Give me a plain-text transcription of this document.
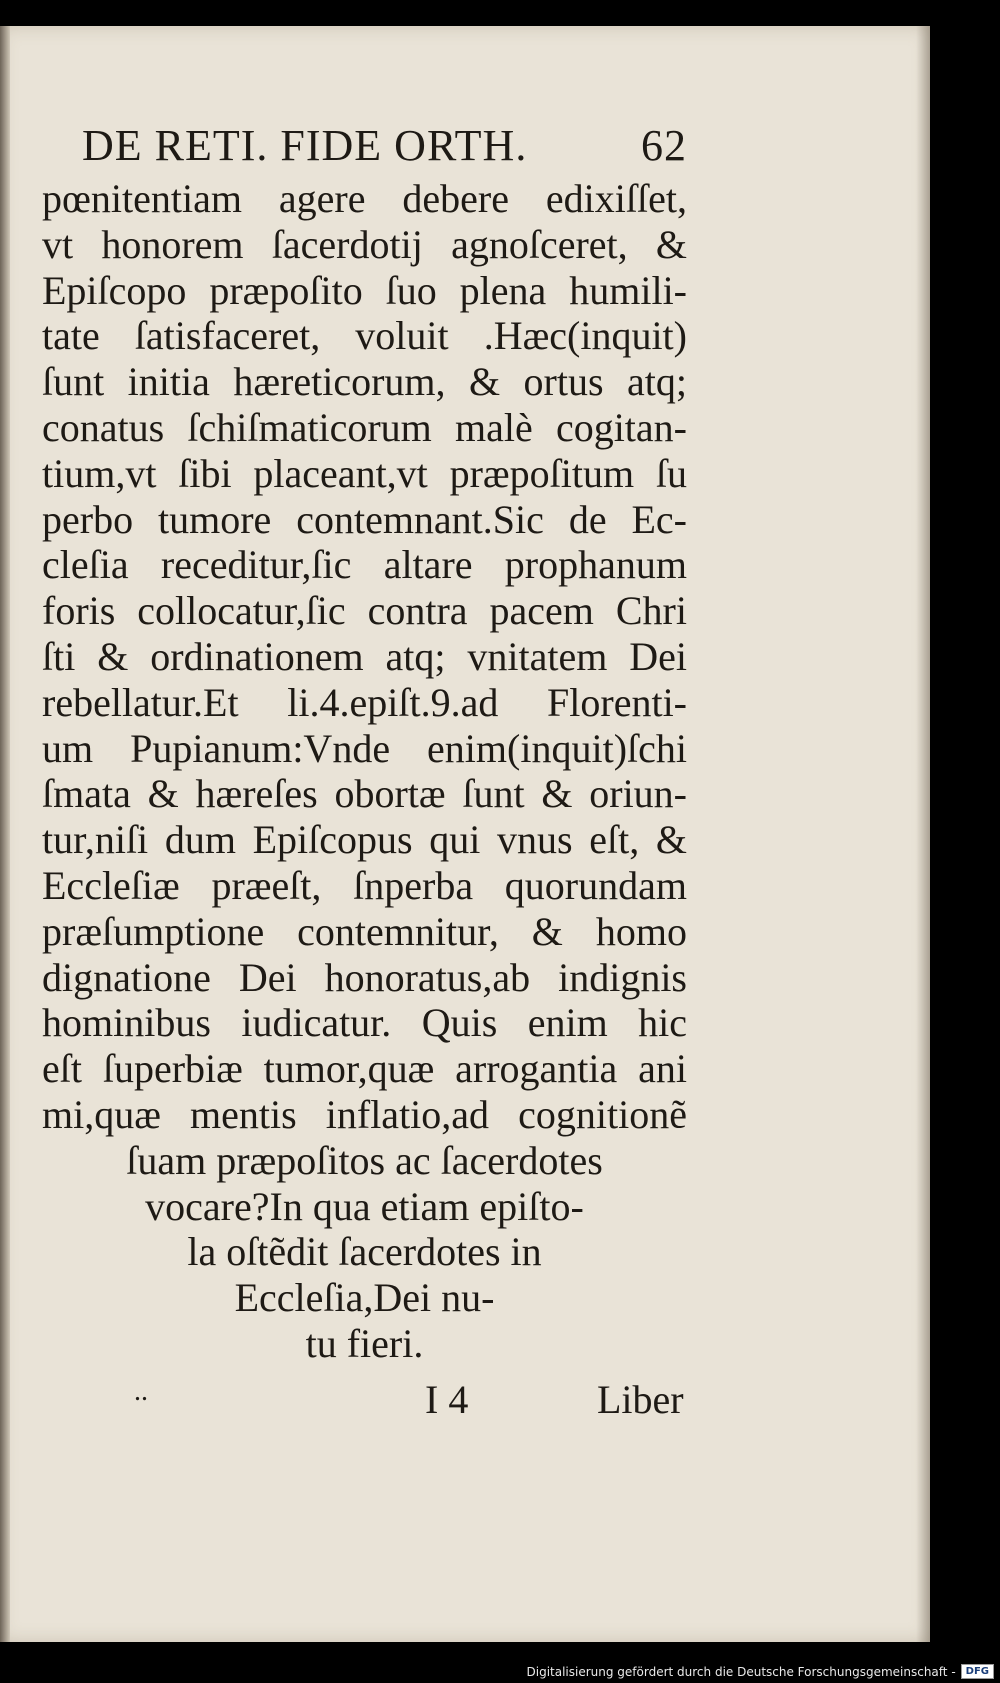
DE RETI. FIDE ORTH.	62
pœnitentiam agere debere edixiſſet,
vt honorem ſacerdotij agnoſceret, &
Epiſcopo præpoſito ſuo plena humili-
tate ſatisfaceret, voluit .Hæc(inquit)
ſunt initia hæreticorum, & ortus atq;
conatus ſchiſmaticorum malè cogitan-
tium,vt ſibi placeant,vt præpoſitum ſu
perbo tumore contemnant.Sic de Ec-
cleſia receditur,ſic altare prophanum
foris collocatur,ſic contra pacem Chri
ſti & ordinationem atq; vnitatem Dei
rebellatur.Et li.4.epiſt.9.ad Florenti-
um Pupianum:Vnde enim(inquit)ſchi
ſmata & hæreſes obortæ ſunt & oriun-
tur,niſi dum Epiſcopus qui vnus eſt, &
Eccleſiæ præeſt, ſnperba quorundam
præſumptione contemnitur, & homo
dignatione Dei honoratus,ab indignis
hominibus iudicatur. Quis enim hic
eſt ſuperbiæ tumor,quæ arrogantia ani
mi,quæ mentis inflatio,ad cognitionẽ
ſuam præpoſitos ac ſacerdotes
vocare?In qua etiam epiſto-
la oſtẽdit ſacerdotes in
Eccleſia,Dei nu-
tu fieri.
..	I 4	Liber
Digitalisierung gefördert durch die Deutsche Forschungsgemeinschaft -	DFG
